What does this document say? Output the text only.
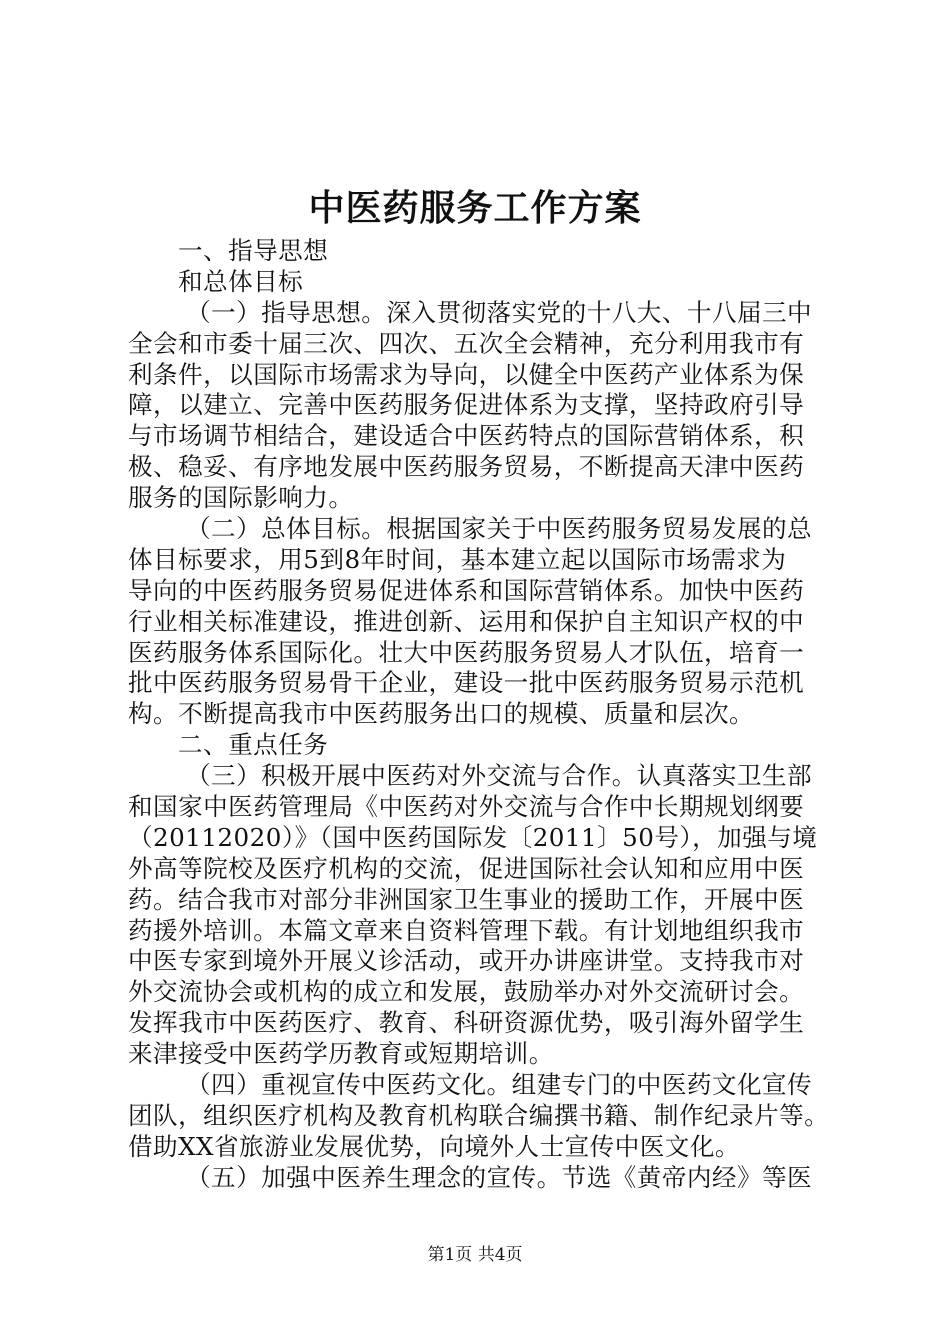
中医药服务工作方案
一、指导思想
和总体目标
（一）指导思想。深入贯彻落实党的十八大、十八届三中
全会和市委十届三次、四次、五次全会精神，充分利用我市有
利条件，以国际市场需求为导向，以健全中医药产业体系为保
障，以建立、完善中医药服务促进体系为支撑，坚持政府引导
与市场调节相结合，建设适合中医药特点的国际营销体系，积
极、稳妥、有序地发展中医药服务贸易，不断提高天津中医药
服务的国际影响力。
（二）总体目标。根据国家关于中医药服务贸易发展的总
体目标要求，用5到8年时间，基本建立起以国际市场需求为
导向的中医药服务贸易促进体系和国际营销体系。加快中医药
行业相关标准建设，推进创新、运用和保护自主知识产权的中
医药服务体系国际化。壮大中医药服务贸易人才队伍，培育一
批中医药服务贸易骨干企业，建设一批中医药服务贸易示范机
构。不断提高我市中医药服务出口的规模、质量和层次。
二、重点任务
（三）积极开展中医药对外交流与合作。认真落实卫生部
和国家中医药管理局《中医药对外交流与合作中长期规划纲要
（20112020）》（国中医药国际发〔2011〕50号），加强与境
外高等院校及医疗机构的交流，促进国际社会认知和应用中医
药。结合我市对部分非洲国家卫生事业的援助工作，开展中医
药援外培训。本篇文章来自资料管理下载。有计划地组织我市
中医专家到境外开展义诊活动，或开办讲座讲堂。支持我市对
外交流协会或机构的成立和发展，鼓励举办对外交流研讨会。
发挥我市中医药医疗、教育、科研资源优势，吸引海外留学生
来津接受中医药学历教育或短期培训。
（四）重视宣传中医药文化。组建专门的中医药文化宣传
团队，组织医疗机构及教育机构联合编撰书籍、制作纪录片等。
借助XX省旅游业发展优势，向境外人士宣传中医文化。
（五）加强中医养生理念的宣传。节选《黄帝内经》等医
第1页 共4页
